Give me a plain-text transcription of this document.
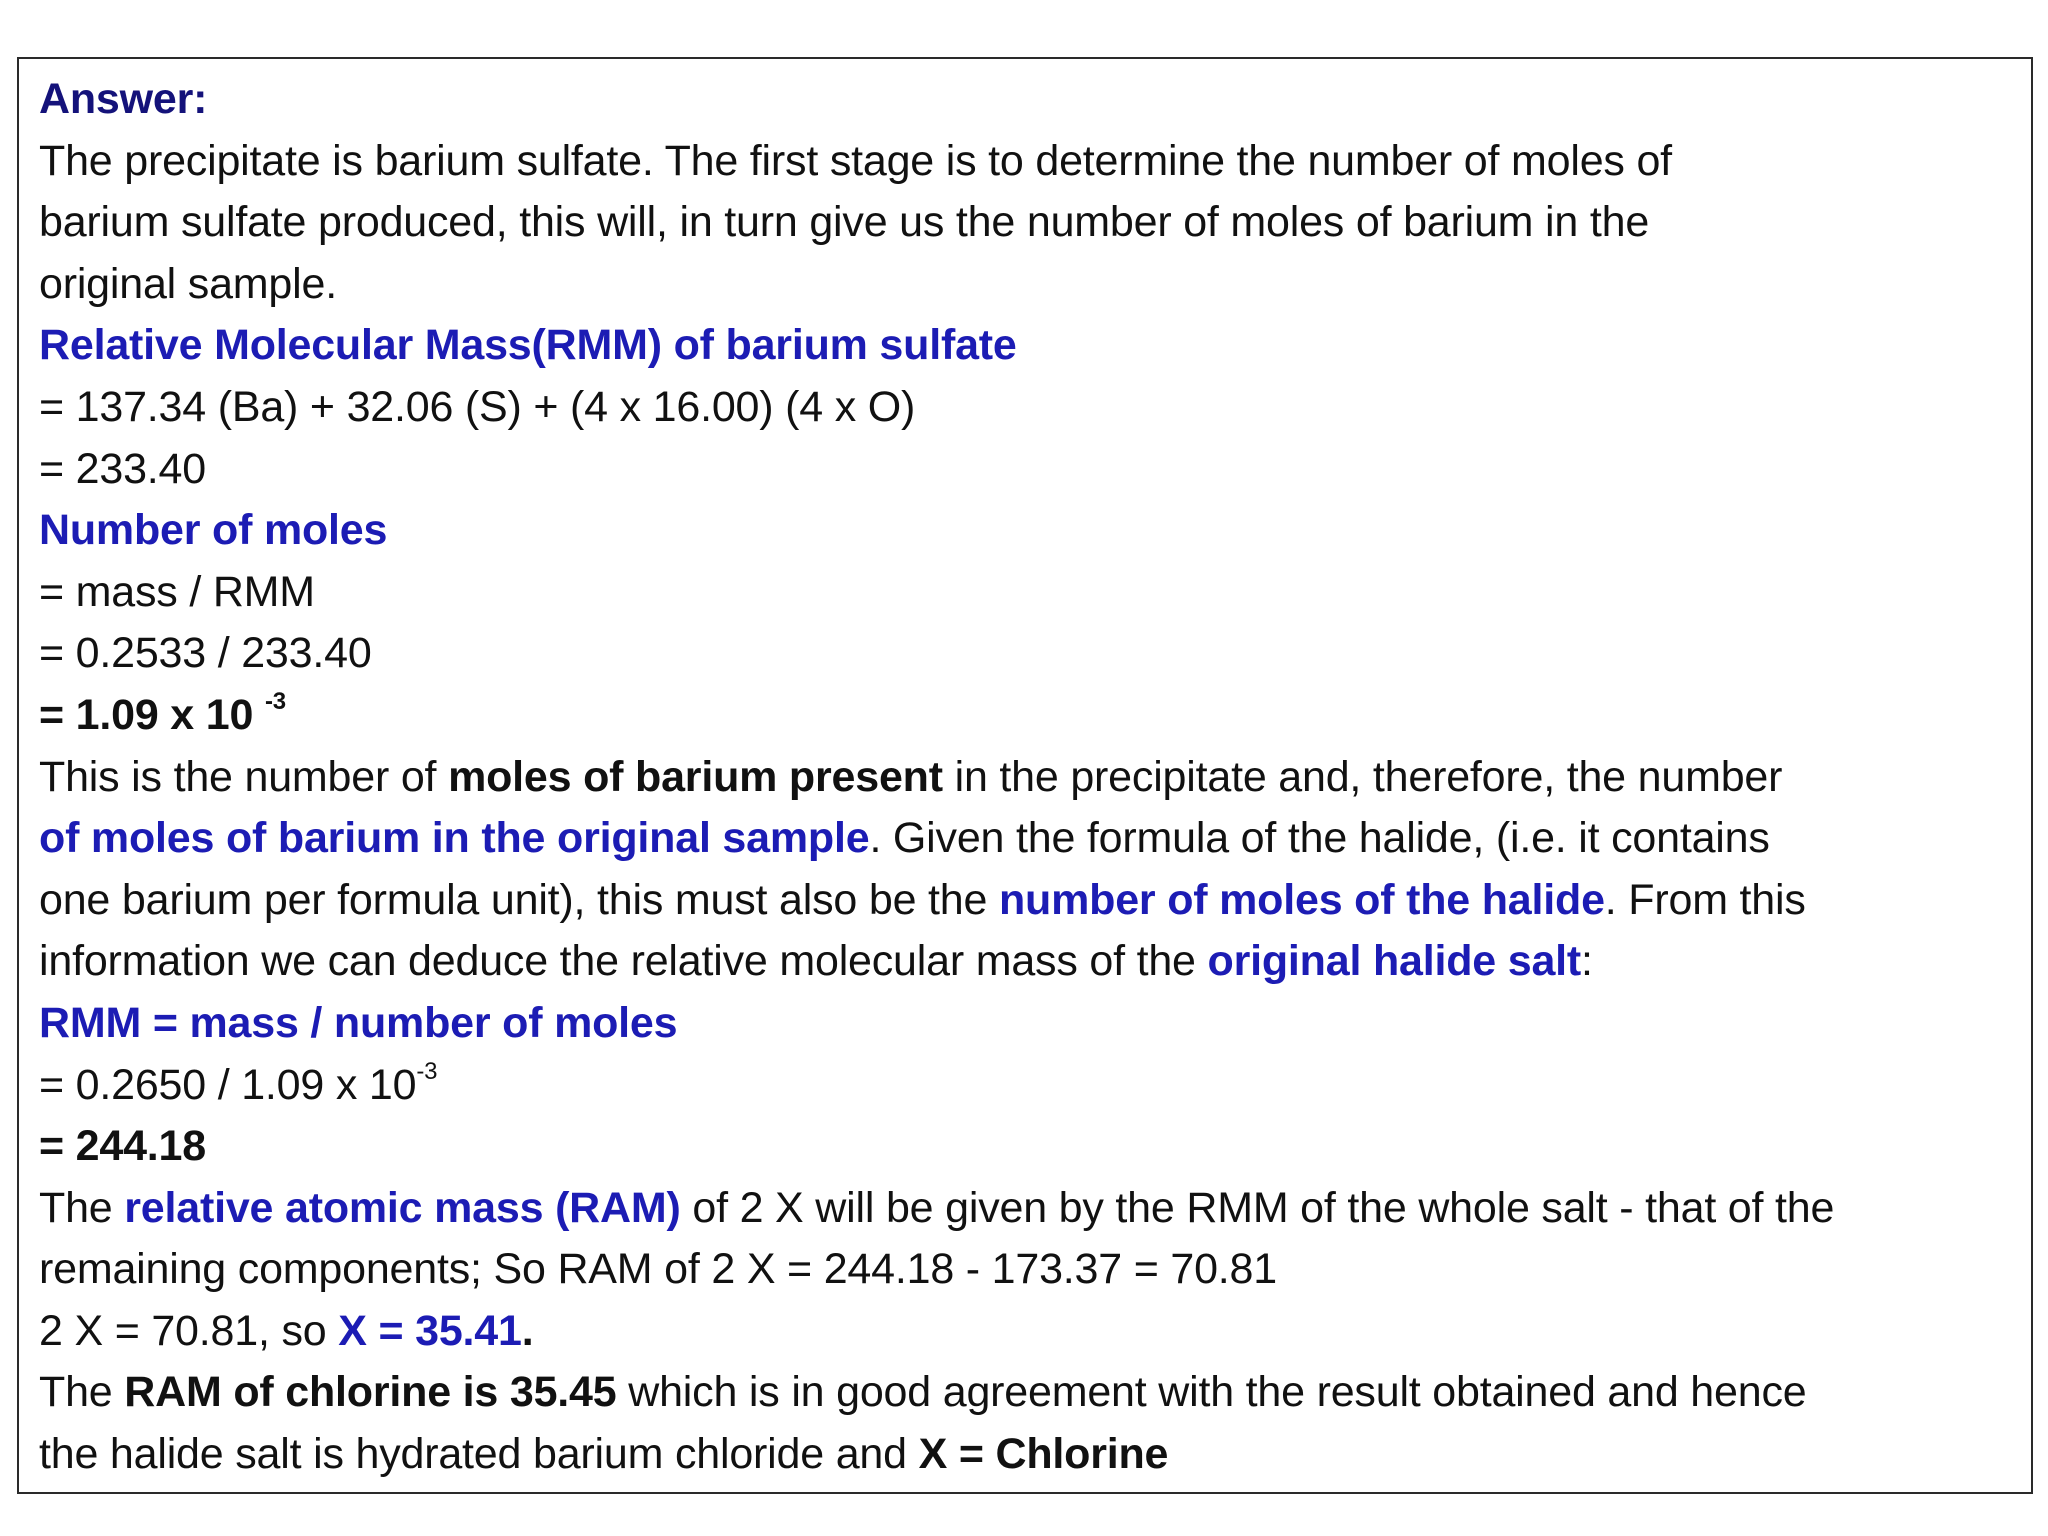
Answer:
The precipitate is barium sulfate. The first stage is to determine the number of moles of
barium sulfate produced, this will, in turn give us the number of moles of barium in the
original sample.
Relative Molecular Mass(RMM) of barium sulfate
= 137.34 (Ba) + 32.06 (S) + (4 x 16.00) (4 x O)
= 233.40
Number of moles
= mass / RMM
= 0.2533 / 233.40
= 1.09 x 10 $^{-3}$
This is the number of moles of barium present in the precipitate and, therefore, the number
of moles of barium in the original sample. Given the formula of the halide, (i.e. it contains
one barium per formula unit), this must also be the number of moles of the halide. From this
information we can deduce the relative molecular mass of the original halide salt:
RMM = mass / number of moles
= 0.2650 / 1.09 x $10^{-3}$
= 244.18
The relative atomic mass (RAM) of 2 X will be given by the RMM of the whole salt - that of the
remaining components; So RAM of 2 X = 244.18 - 173.37 = 70.81
2 X = 70.81, so X = 35.41.
The RAM of chlorine is 35.45 which is in good agreement with the result obtained and hence
the halide salt is hydrated barium chloride and X = Chlorine
